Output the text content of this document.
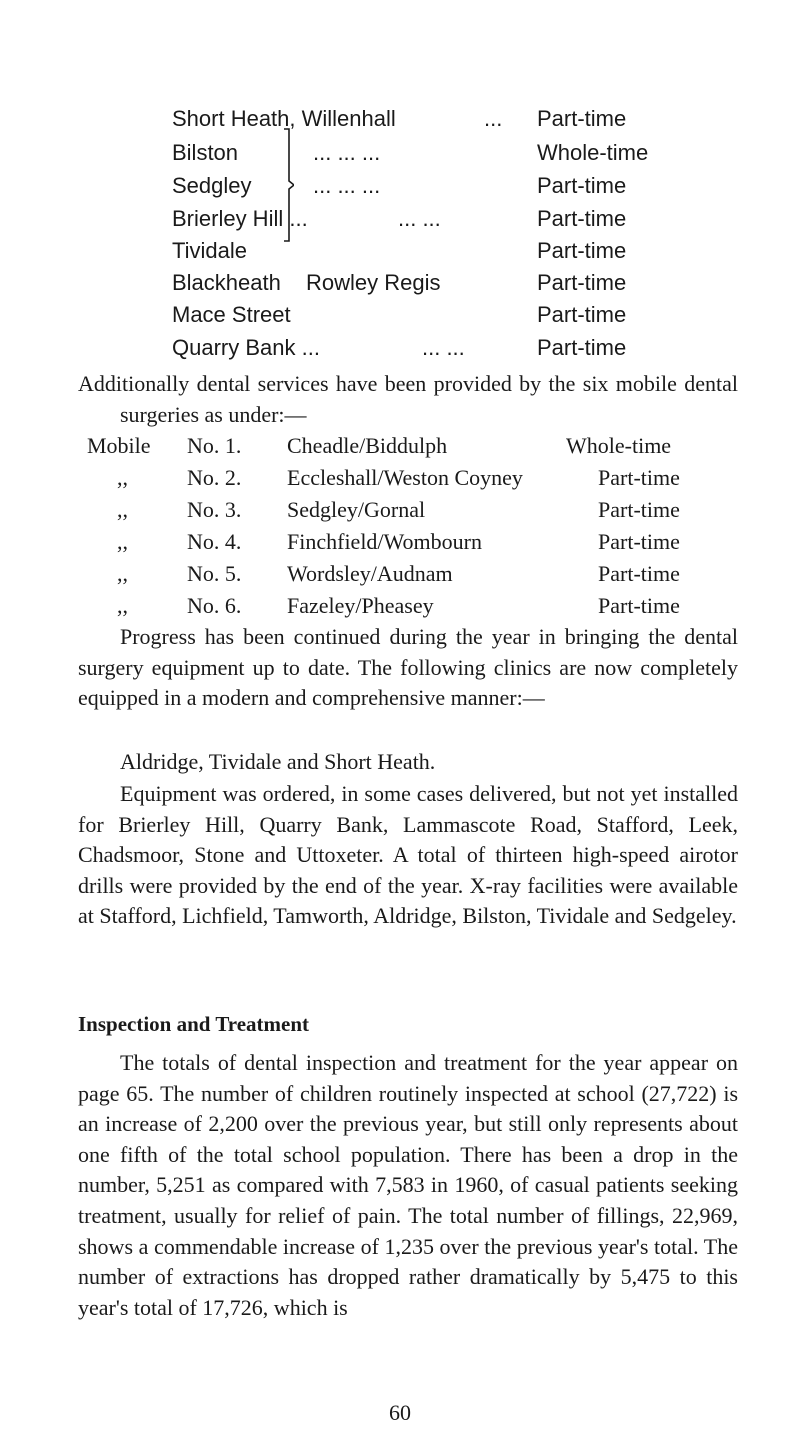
Short Heath, Willenhall	... Part-time
Bilston	... ... ...	Whole-time
Sedgley	... ... ...	Part-time
Brierley Hill ...	... ...	Part-time
Tividale	Part-time
Blackheath Rowley Regis	Part-time
Mace Street	Part-time
Quarry Bank ...	... ...	Part-time
Additionally dental services have been provided by the six mobile dental surgeries as under:—
Mobile No. 1. Cheadle/Biddulph	Whole-time
,,	No. 2. Eccleshall/Weston Coyney	Part-time
,,	No. 3. Sedgley/Gornal	Part-time
,,	No. 4. Finchfield/Wombourn	Part-time
,,	No. 5. Wordsley/Audnam	Part-time
,,	No. 6. Fazeley/Pheasey	Part-time
Progress has been continued during the year in bringing the dental surgery equipment up to date. The following clinics are now completely equipped in a modern and comprehensive manner:—
Aldridge, Tividale and Short Heath.
Equipment was ordered, in some cases delivered, but not yet installed for Brierley Hill, Quarry Bank, Lammascote Road, Stafford, Leek, Chadsmoor, Stone and Uttoxeter. A total of thirteen high-speed airotor drills were provided by the end of the year. X-ray facilities were available at Stafford, Lichfield, Tamworth, Aldridge, Bilston, Tividale and Sedgeley.
Inspection and Treatment
The totals of dental inspection and treatment for the year appear on page 65. The number of children routinely inspected at school (27,722) is an increase of 2,200 over the previous year, but still only represents about one fifth of the total school population. There has been a drop in the number, 5,251 as compared with 7,583 in 1960, of casual patients seeking treatment, usually for relief of pain. The total number of fillings, 22,969, shows a commendable increase of 1,235 over the previous year's total. The number of extractions has dropped rather dramatically by 5,475 to this year's total of 17,726, which is
60
